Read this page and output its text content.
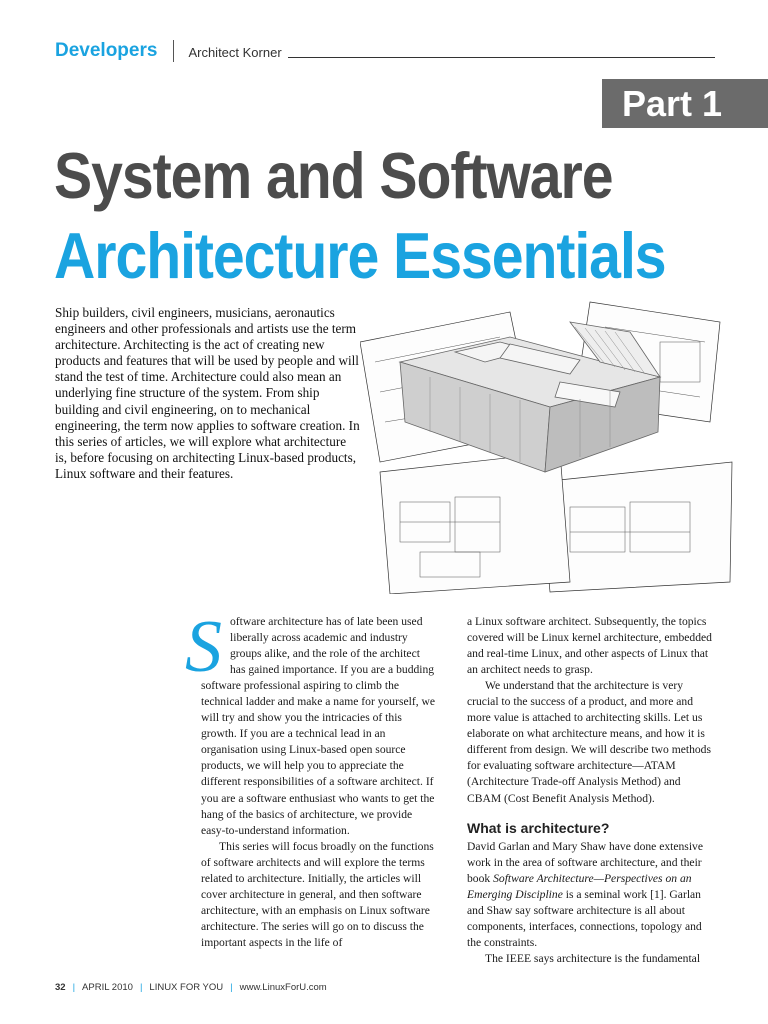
Developers Architect Korner
Part 1
System and Software
Architecture Essentials

Ship builders, civil engineers, musicians, aeronautics engineers and other professionals and artists use the term architecture. Architecting is the act of creating new products and features that will be used by people and will stand the test of time. Architecture could also mean an underlying fine structure of the system. From ship building and civil engineering, on to mechanical engineering, the term now applies to software creation. In this series of articles, we will explore what architecture is, before focusing on architecting Linux-based products, Linux software and their features.

Software architecture has of late been used liberally across academic and industry groups alike, and the role of the architect has gained importance. If you are a budding software professional aspiring to climb the technical ladder and make a name for yourself, we will try and show you the intricacies of this growth. If you are a technical lead in an organisation using Linux-based open source products, we will help you to appreciate the different responsibilities of a software architect. If you are a software enthusiast who wants to get the hang of the basics of architecture, we provide easy-to-understand information.

This series will focus broadly on the functions of software architects and will explore the terms related to architecture. Initially, the articles will cover architecture in general, and then software architecture, with an emphasis on Linux software architecture. The series will go on to discuss the important aspects in the life of

a Linux software architect. Subsequently, the topics covered will be Linux kernel architecture, embedded and real-time Linux, and other aspects of Linux that an architect needs to grasp.

We understand that the architecture is very crucial to the success of a product, and more and more value is attached to architecting skills. Let us elaborate on what architecture means, and how it is different from design. We will describe two methods for evaluating software architecture—ATAM (Architecture Trade-off Analysis Method) and CBAM (Cost Benefit Analysis Method).

What is architecture?

David Garlan and Mary Shaw have done extensive work in the area of software architecture, and their book Software Architecture—Perspectives on an Emerging Discipline is a seminal work [1]. Garlan and Shaw say software architecture is all about components, interfaces, connections, topology and the constraints.

The IEEE says architecture is the fundamental

32 | APRIL 2010 | LINUX FOR YOU | www.LinuxForU.com
